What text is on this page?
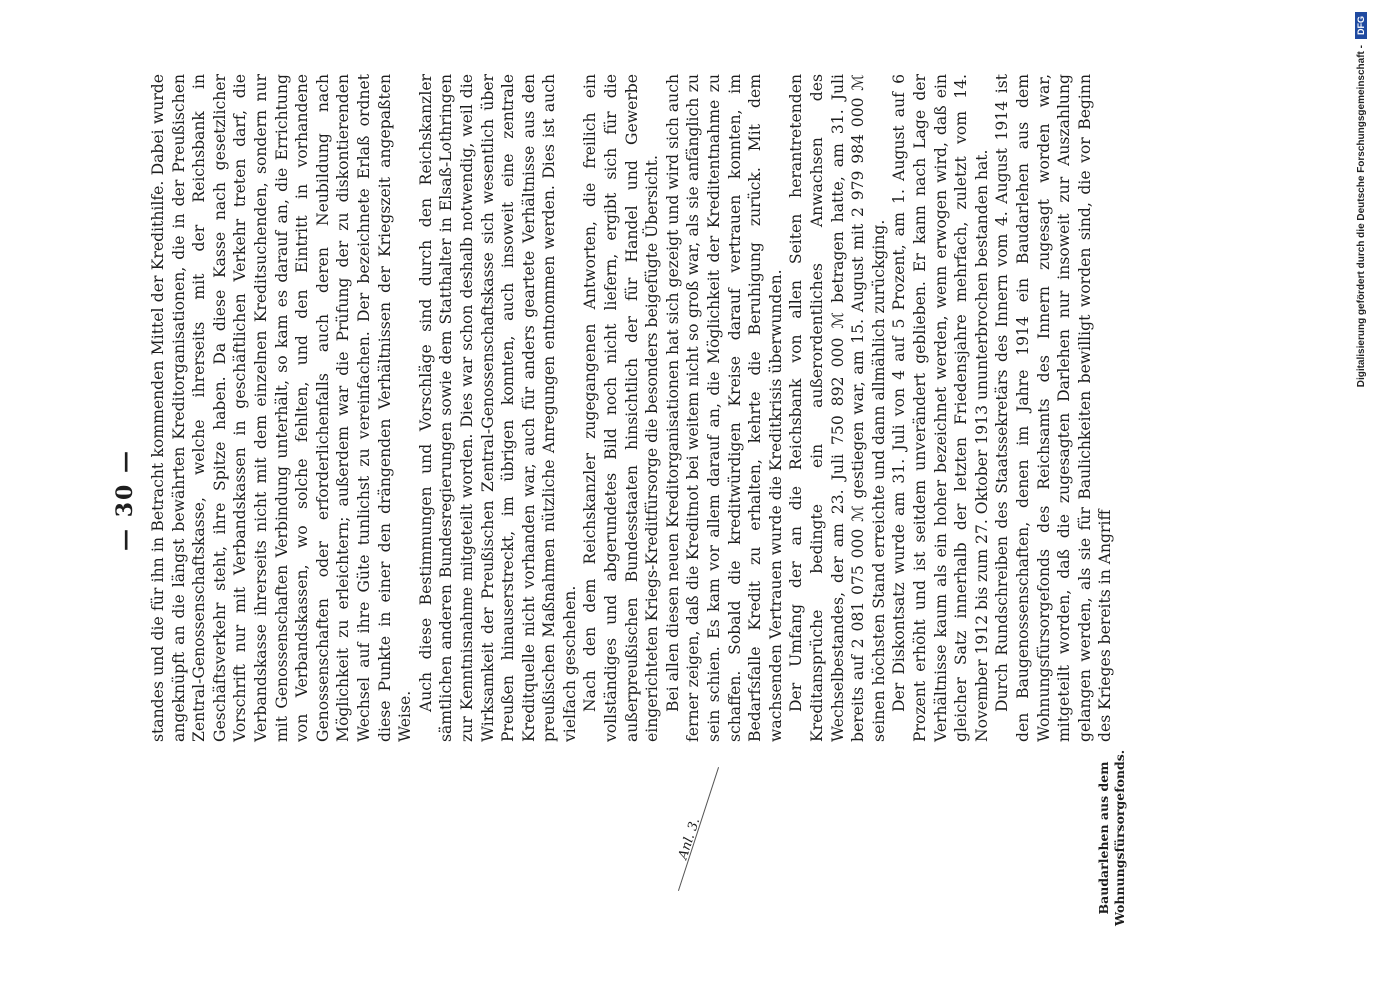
— 30 — standes und die für ihn in Betracht kommenden Mittel der Kredithilfe. Dabei wurde angeknüpft an die längst bewährten Kreditorganisationen, die in der Preußischen Zentral-Genossenschaftskasse, welche ihrerseits mit der Reichsbank in Geschäftsverkehr steht, ihre Spitze haben. Da diese Kasse nach gesetzlicher Vorschrift nur mit Verbandskassen in geschäftlichen Verkehr treten darf, die Verbandskasse ihrerseits nicht mit dem einzelnen Kreditsuchenden, sondern nur mit Genossenschaften Verbindung unterhält, so kam es darauf an, die Errichtung von Verbandskassen, wo solche fehlten, und den Eintritt in vorhandene Genossenschaften oder erforderlichenfalls auch deren Neubildung nach Möglichkeit zu erleichtern; außerdem war die Prüfung der zu diskontierenden Wechsel auf ihre Güte tunlichst zu vereinfachen. Der bezeichnete Erlaß ordnet diese Punkte in einer den drängenden Verhältnissen der Kriegszeit angepaßten Weise.

Auch diese Bestimmungen und Vorschläge sind durch den Reichskanzler sämtlichen anderen Bundesregierungen sowie dem Statthalter in Elsaß-Lothringen zur Kenntnisnahme mitgeteilt worden. Dies war schon deshalb notwendig, weil die Wirksamkeit der Preußischen Zentral-Genossenschaftskasse sich wesentlich über Preußen hinauserstreckt, im übrigen konnten, auch insoweit eine zentrale Kreditquelle nicht vorhanden war, auch für anders geartete Verhältnisse aus den preußischen Maßnahmen nützliche Anregungen entnommen werden. Dies ist auch vielfach geschehen. Nach den dem Reichskanzler zugegangenen Antworten, die freilich ein vollständiges und abgerundetes Bild noch nicht liefern, ergibt sich für die außerpreußischen Bundesstaaten hinsichtlich der für Handel und Gewerbe eingerichteten Kriegs-Kreditfürsorge die besonders beigefügte Übersicht. Bei allen diesen neuen Kreditorganisationen hat sich gezeigt und wird sich auch ferner zeigen, daß die Kreditnot bei weitem nicht so groß war, als sie anfänglich zu sein schien. Es kam vor allem darauf an, die Möglichkeit der Kreditentnahme zu schaffen. Sobald die kreditwürdigen Kreise darauf vertrauen konnten, im Bedarfsfalle Kredit zu erhalten, kehrte die Beruhigung zurück. Mit dem wachsenden Vertrauen wurde die Kreditkrisis überwunden. Der Umfang der an die Reichsbank von allen Seiten herantretenden Kreditansprüche bedingte ein außerordentliches Anwachsen des Wechselbestandes, der am 23. Juli 750 892 000 ℳ betragen hatte, am 31. Juli bereits auf 2 081 075 000 ℳ gestiegen war, am 15. August mit 2 979 984 000 ℳ seinen höchsten Stand erreichte und dann allmählich zurückging. Der Diskontsatz wurde am 31. Juli von 4 auf 5 Prozent, am 1. August auf 6 Prozent erhöht und ist seitdem unverändert geblieben. Er kann nach Lage der Verhältnisse kaum als ein hoher bezeichnet werden, wenn erwogen wird, daß ein gleicher Satz innerhalb der letzten Friedensjahre mehrfach, zuletzt vom 14. November 1912 bis zum 27. Oktober 1913 ununterbrochen bestanden hat. Durch Rundschreiben des Staatssekretärs des Innern vom 4. August 1914 ist den Baugenossenschaften, denen im Jahre 1914 ein Baudarlehen aus dem Wohnungsfürsorgefonds des Reichsamts des Innern zugesagt worden war, mitgeteilt worden, daß die zugesagten Darlehen nur insoweit zur Auszahlung gelangen werden, als sie für Baulichkeiten bewilligt worden sind, die vor Beginn des Krieges bereits in Angriff

Anl. 3.	Baudarlehen aus dem Wohnungsfürsorgefonds.
Digitalisierung gefördert durch die Deutsche Forschungsgemeinschaft -
DFG
